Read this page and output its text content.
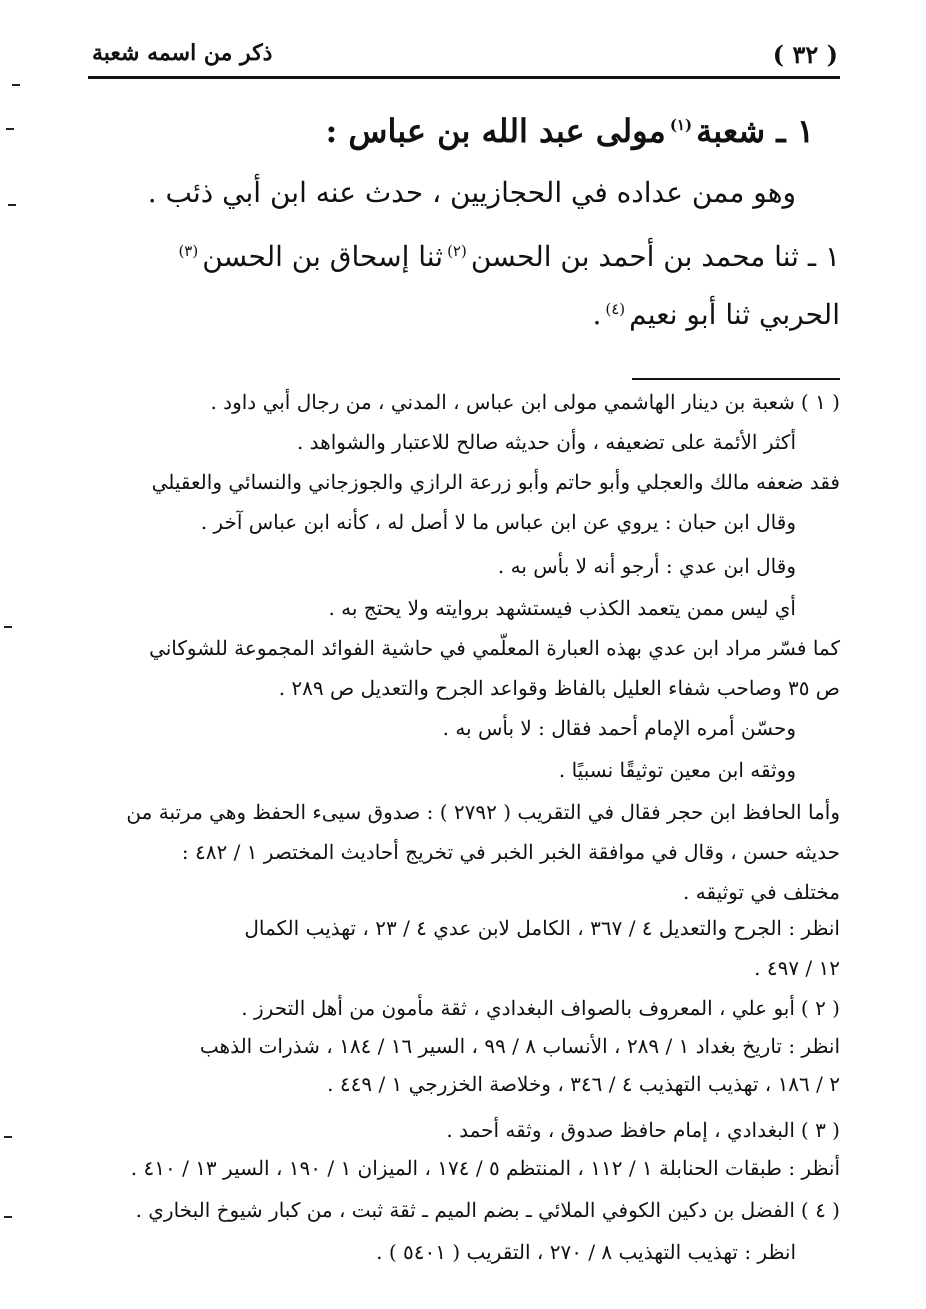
( ٣٢ )
ذكر من اسمه شعبة
١ ـ شعبة$^{(١)}$مولى عبد الله بن عباس :
وهو ممن عداده في الحجازيين ، حدث عنه ابن أبي ذئب .
١ ـ ثنا محمد بن أحمد بن الحسن$^{(٢)}$ثنا إسحاق بن الحسن$^{(٣)}$
الحربي ثنا أبو نعيم$^{(٤)}$.
( ١ )شعبة بن دينار الهاشمي مولى ابن عباس ، المدني ، من رجال أبي داود .
أكثر الأئمة على تضعيفه ، وأن حديثه صالح للاعتبار والشواهد .
فقد ضعفه مالك والعجلي وأبو حاتم وأبو زرعة الرازي والجوزجاني والنسائي والعقيلي
وقال ابن حبان : يروي عن ابن عباس ما لا أصل له ، كأنه ابن عباس آخر .
وقال ابن عدي : أرجو أنه لا بأس به .
أي ليس ممن يتعمد الكذب فيستشهد بروايته ولا يحتج به .
كما فسّر مراد ابن عدي بهذه العبارة المعلّمي في حاشية الفوائد المجموعة للشوكاني
ص ٣٥ وصاحب شفاء العليل بالفاظ وقواعد الجرح والتعديل ص ٢٨٩ .
وحسّن أمره الإمام أحمد فقال : لا بأس به .
ووثقه ابن معين توثيقًا نسبيًا .
وأما الحافظ ابن حجر فقال في التقريب ( ٢٧٩٢ ) : صدوق سيىء الحفظ وهي مرتبة من
حديثه حسن ، وقال في موافقة الخبر الخبر في تخريج أحاديث المختصر ١ / ٤٨٢ :
مختلف في توثيقه .
انظر : الجرح والتعديل ٤ / ٣٦٧ ، الكامل لابن عدي ٤ / ٢٣ ، تهذيب الكمال
١٢ / ٤٩٧ .
( ٢ )أبو علي ، المعروف بالصواف البغدادي ، ثقة مأمون من أهل التحرز .
انظر : تاريخ بغداد ١ / ٢٨٩ ، الأنساب ٨ / ٩٩ ، السير ١٦ / ١٨٤ ، شذرات الذهب
٢ / ١٨٦ ، تهذيب التهذيب ٤ / ٣٤٦ ، وخلاصة الخزرجي ١ / ٤٤٩ .
( ٣ )البغدادي ، إمام حافظ صدوق ، وثقه أحمد .
أنظر : طبقات الحنابلة ١ / ١١٢ ، المنتظم ٥ / ١٧٤ ، الميزان ١ / ١٩٠ ، السير ١٣ / ٤١٠ .
( ٤ )الفضل بن دكين الكوفي الملائي ـ بضم الميم ـ ثقة ثبت ، من كبار شيوخ البخاري .
انظر : تهذيب التهذيب ٨ / ٢٧٠ ، التقريب ( ٥٤٠١ ) .
